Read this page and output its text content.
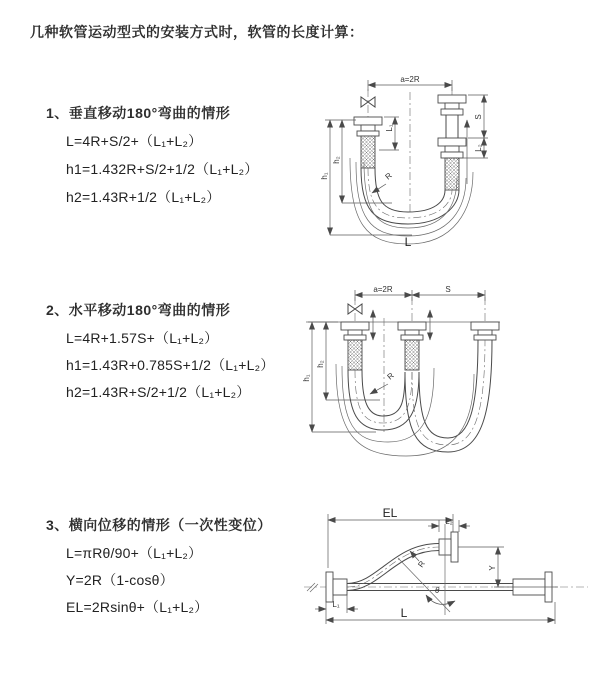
几种软管运动型式的安装方式时，软管的长度计算：
1、垂直移动180°弯曲的情形
L=4R+S/2+（L₁+L₂）
h1=1.432R+S/2+1/2（L₁+L₂）
h2=1.43R+1/2（L₁+L₂）
2、水平移动180°弯曲的情形
L=4R+1.57S+（L₁+L₂）
h1=1.43R+0.785S+1/2（L₁+L₂）
h2=1.43R+S/2+1/2（L₁+L₂）
3、横向位移的情形（一次性变位）
L=πRθ/90+（L₁+L₂）
Y=2R（1-cosθ）
EL=2Rsinθ+（L₁+L₂）
a=2R
L₁
S
L₂
h₁
h₂
R
L
a=2R	S
h₁
h₂
R
EL
L₂
θ
R	Y
L₁
L
